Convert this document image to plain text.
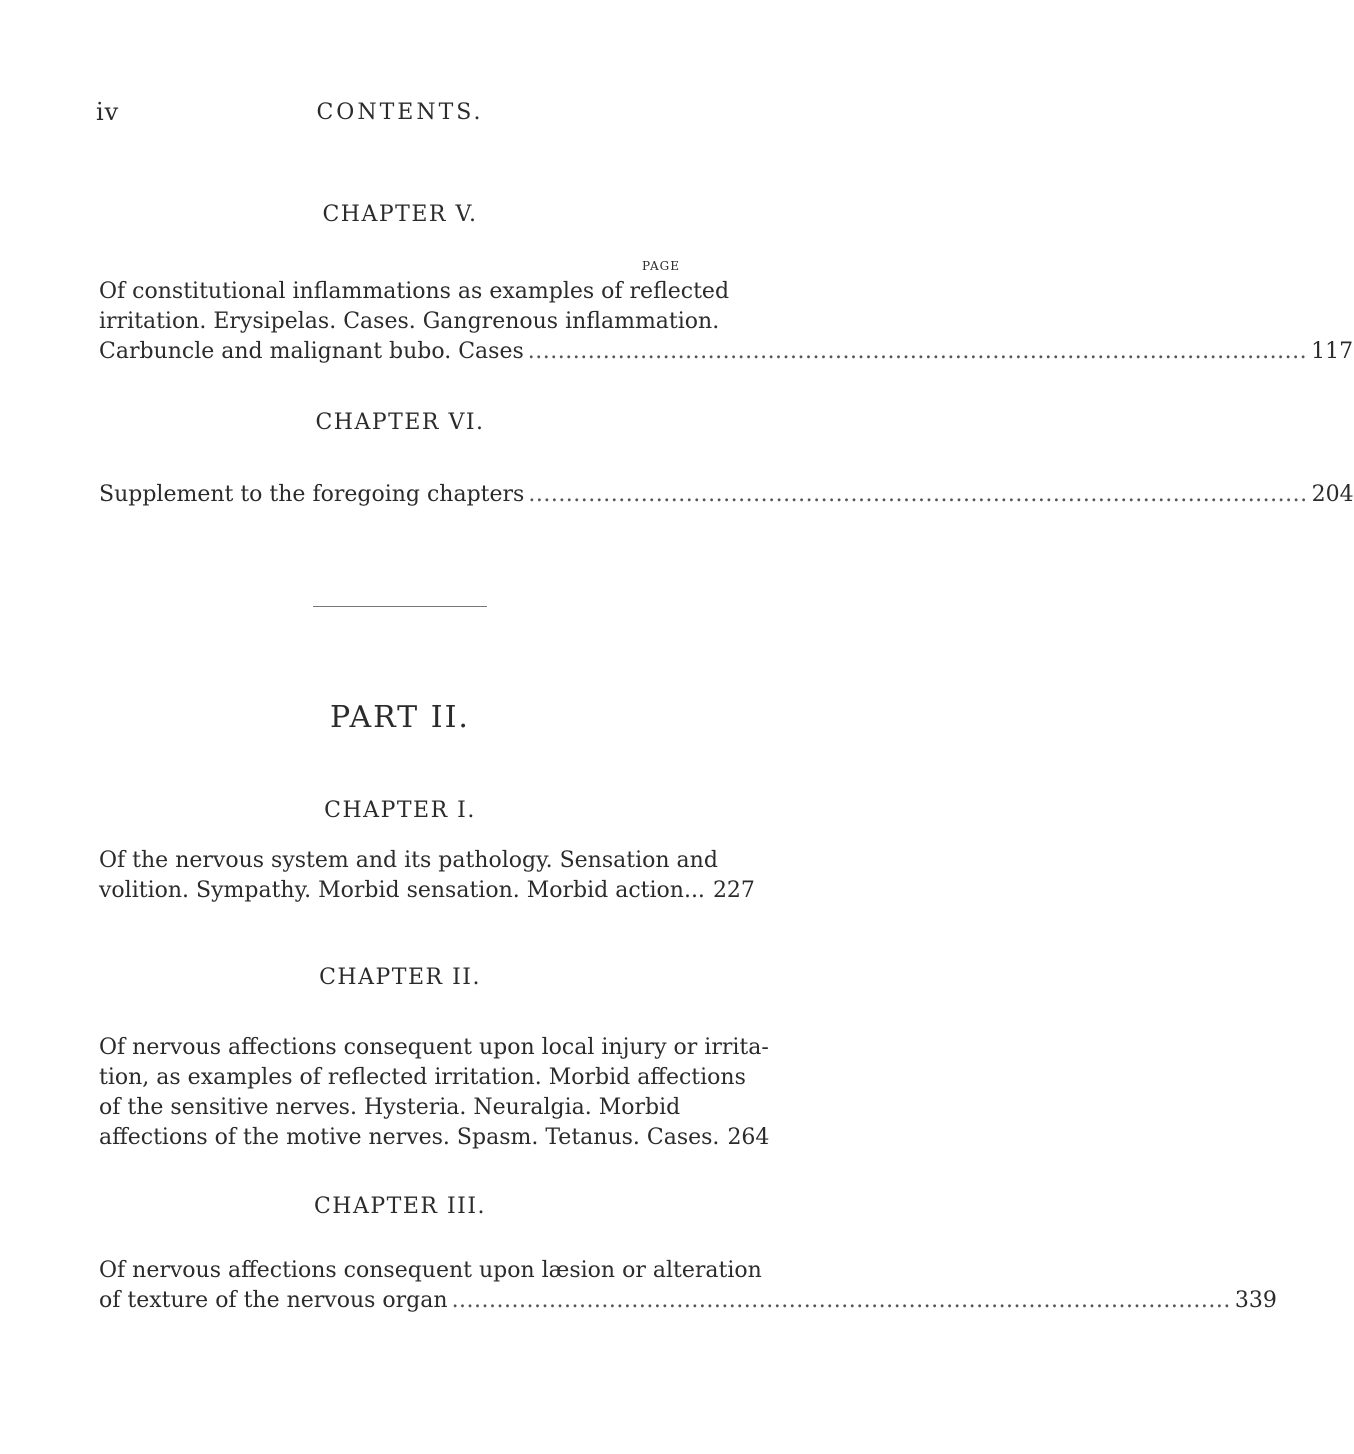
iv	CONTENTS.
CHAPTER V.
PAGE
Of constitutional inflammations as examples of reflected
irritation. Erysipelas. Cases. Gangrenous inflammation.
Carbuncle and malignant bubo. Cases ........................................................................................................ 117
CHAPTER VI.
Supplement to the foregoing chapters ........................................................................................................ 204
PART II.
CHAPTER I.
Of the nervous system and its pathology. Sensation and
volition. Sympathy. Morbid sensation. Morbid action... 227
CHAPTER II.
Of nervous affections consequent upon local injury or irrita-
tion, as examples of reflected irritation. Morbid affections
of the sensitive nerves. Hysteria. Neuralgia. Morbid
affections of the motive nerves. Spasm. Tetanus. Cases. 264
CHAPTER III.
Of nervous affections consequent upon læsion or alteration
of texture of the nervous organ ........................................................................................................ 339
